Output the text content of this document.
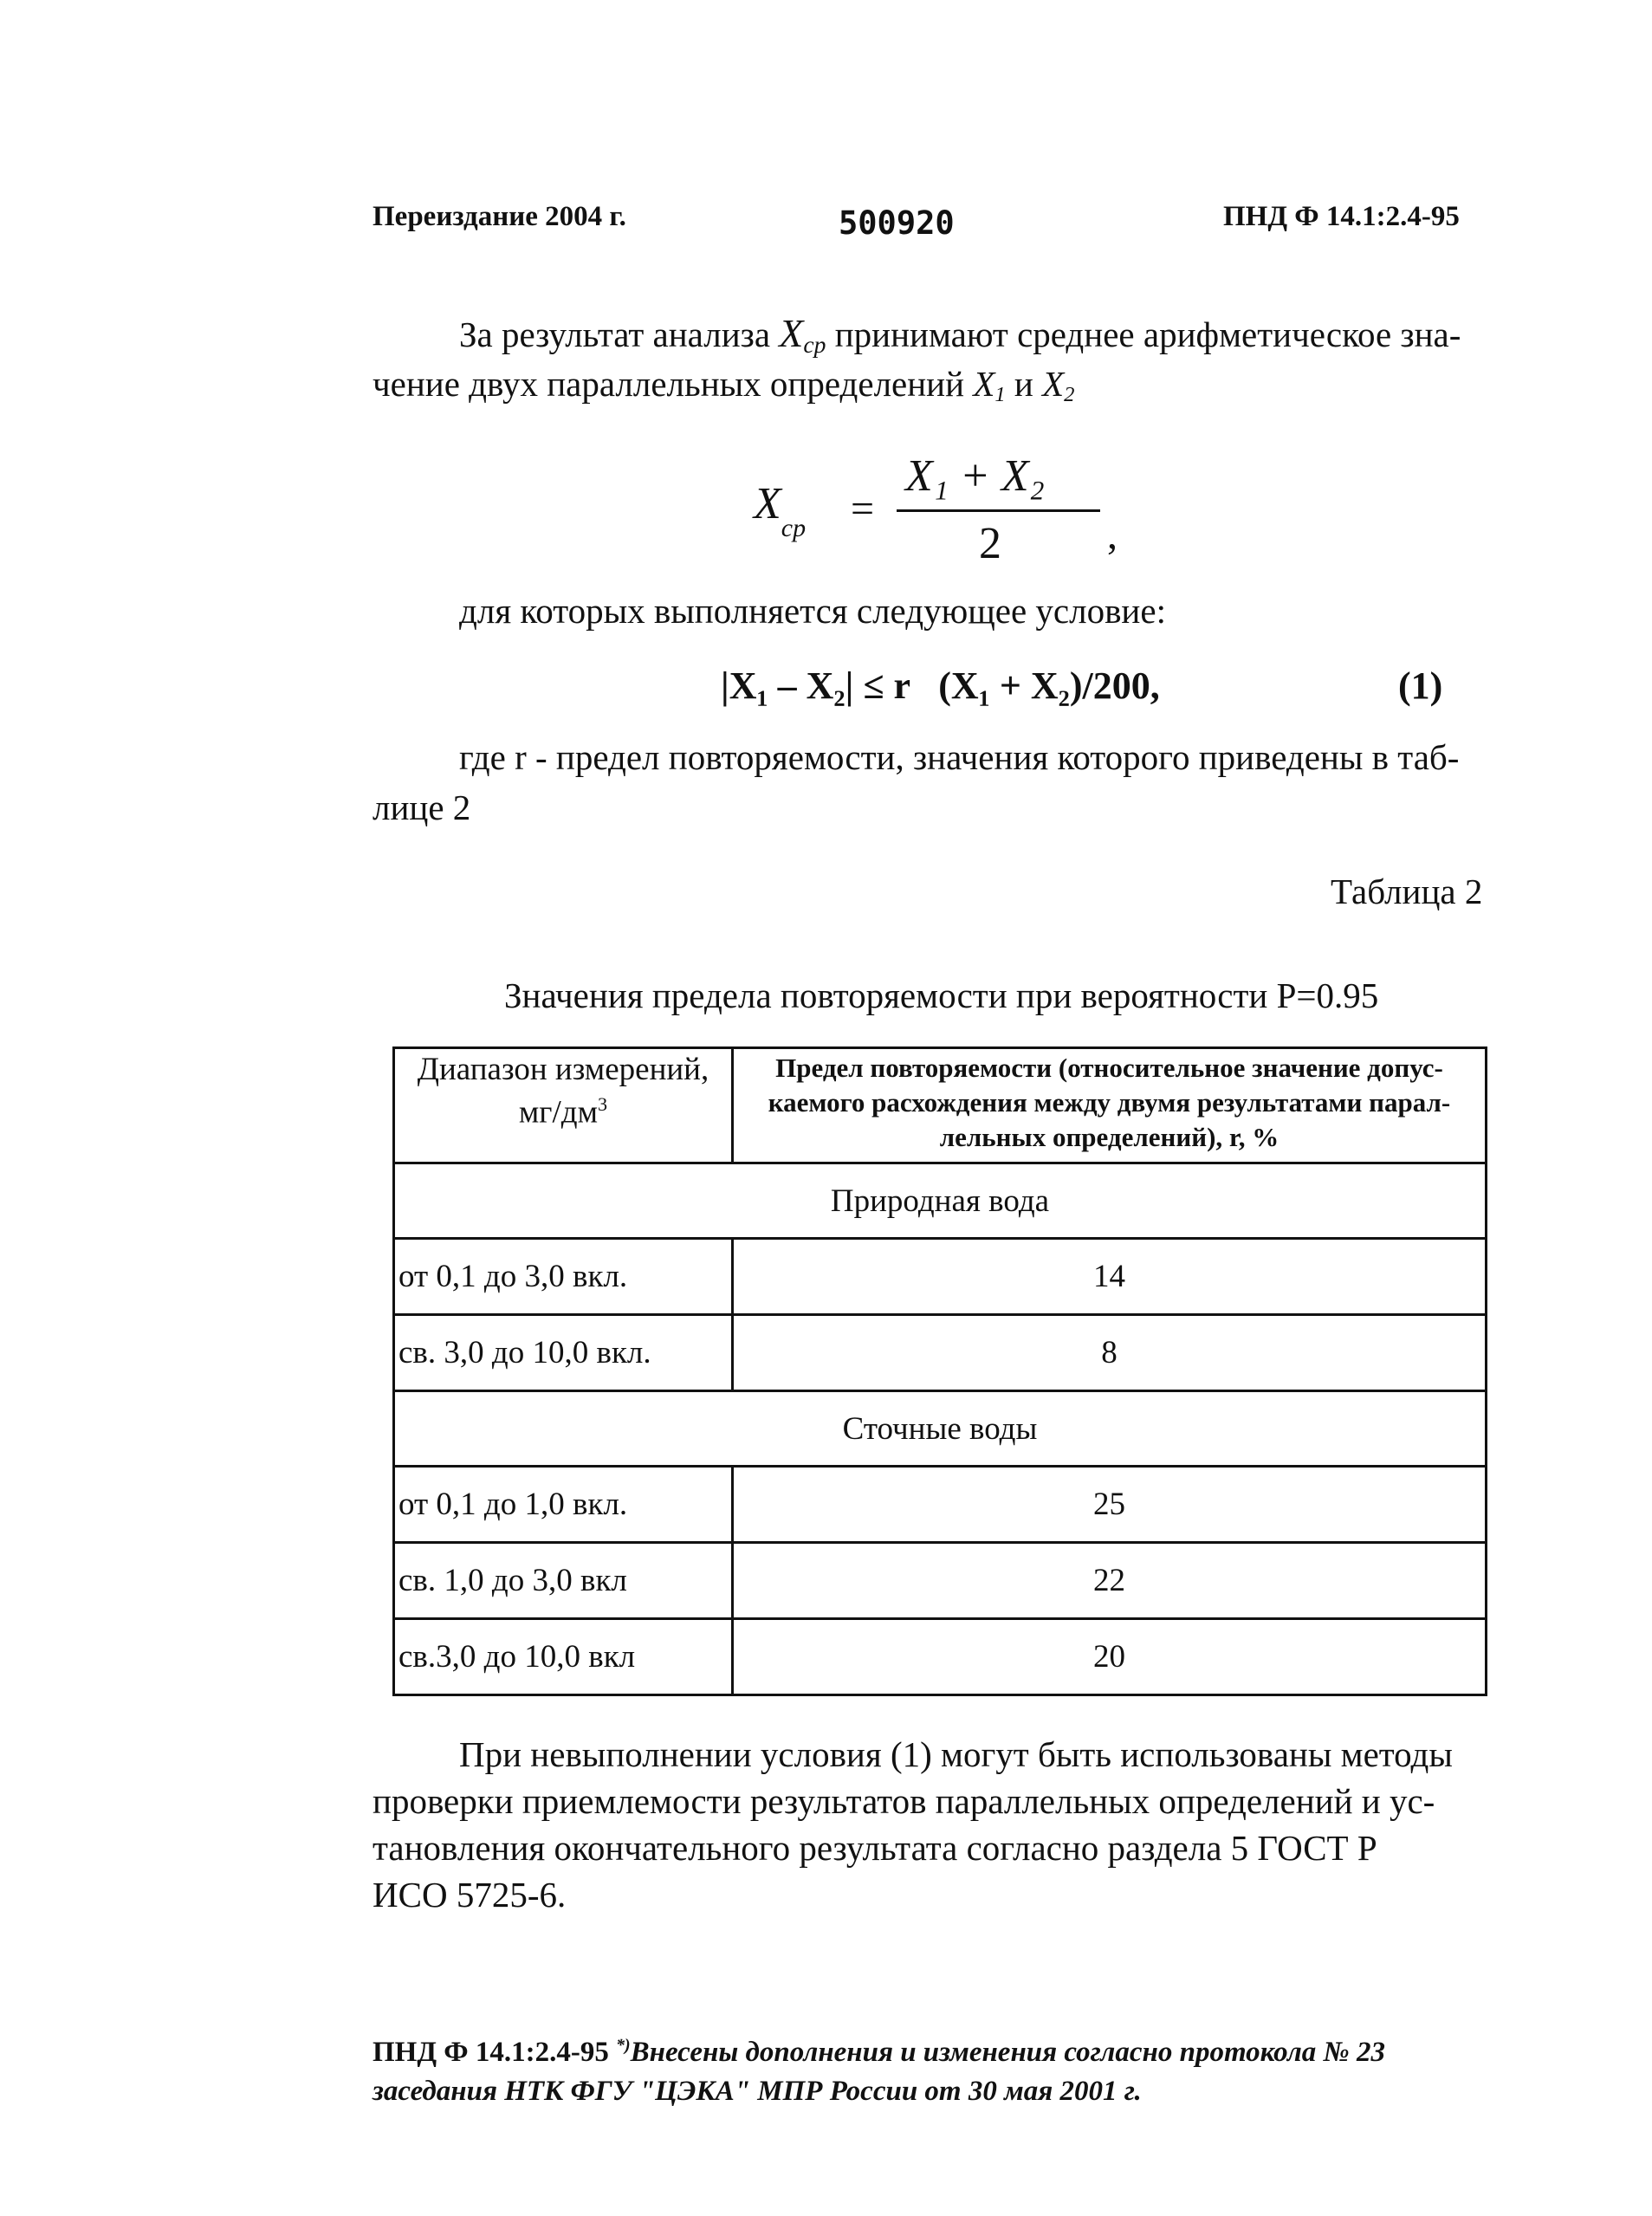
Переиздание 2004 г.	500920	ПНД Ф 14.1:2.4-95
За результат анализа $X_{ср}$ принимают среднее арифметическое зна-
чение двух параллельных определений $X_1$ и $X_2$
$X_{ср}$ =
X₁ + X₂
2	,
для которых выполняется следующее условие:
|X₁ – X₂| ≤ r   (X₁ + X₂)/200,	(1)
где r - предел повторяемости, значения которого приведены в таб-
лице 2
Таблица 2
Значения предела повторяемости при вероятности P=0.95
Диапазон измерений,
$мг/дм^3$	Предел повторяемости (относительное значение допус-каемого расхождения между двумя результатами парал-лельных определений), r, %

Природная вода	
от 0,1 до 3,0 вкл.	14
св. 3,0 до 10,0 вкл.	8
Сточные воды	
от 0,1 до 1,0 вкл.	25
св. 1,0 до 3,0 вкл	22
св.3,0 до 10,0 вкл	20
При невыполнении условия (1) могут быть использованы методы
проверки приемлемости результатов параллельных определений и ус-
тановления окончательного результата согласно раздела 5 ГОСТ Р
ИСО 5725-6.
ПНД Ф 14.1:2.4-95 *)Внесены дополнения и изменения согласно протокола № 23
заседания НТК ФГУ "ЦЭКА" МПР России от 30 мая 2001 г.
